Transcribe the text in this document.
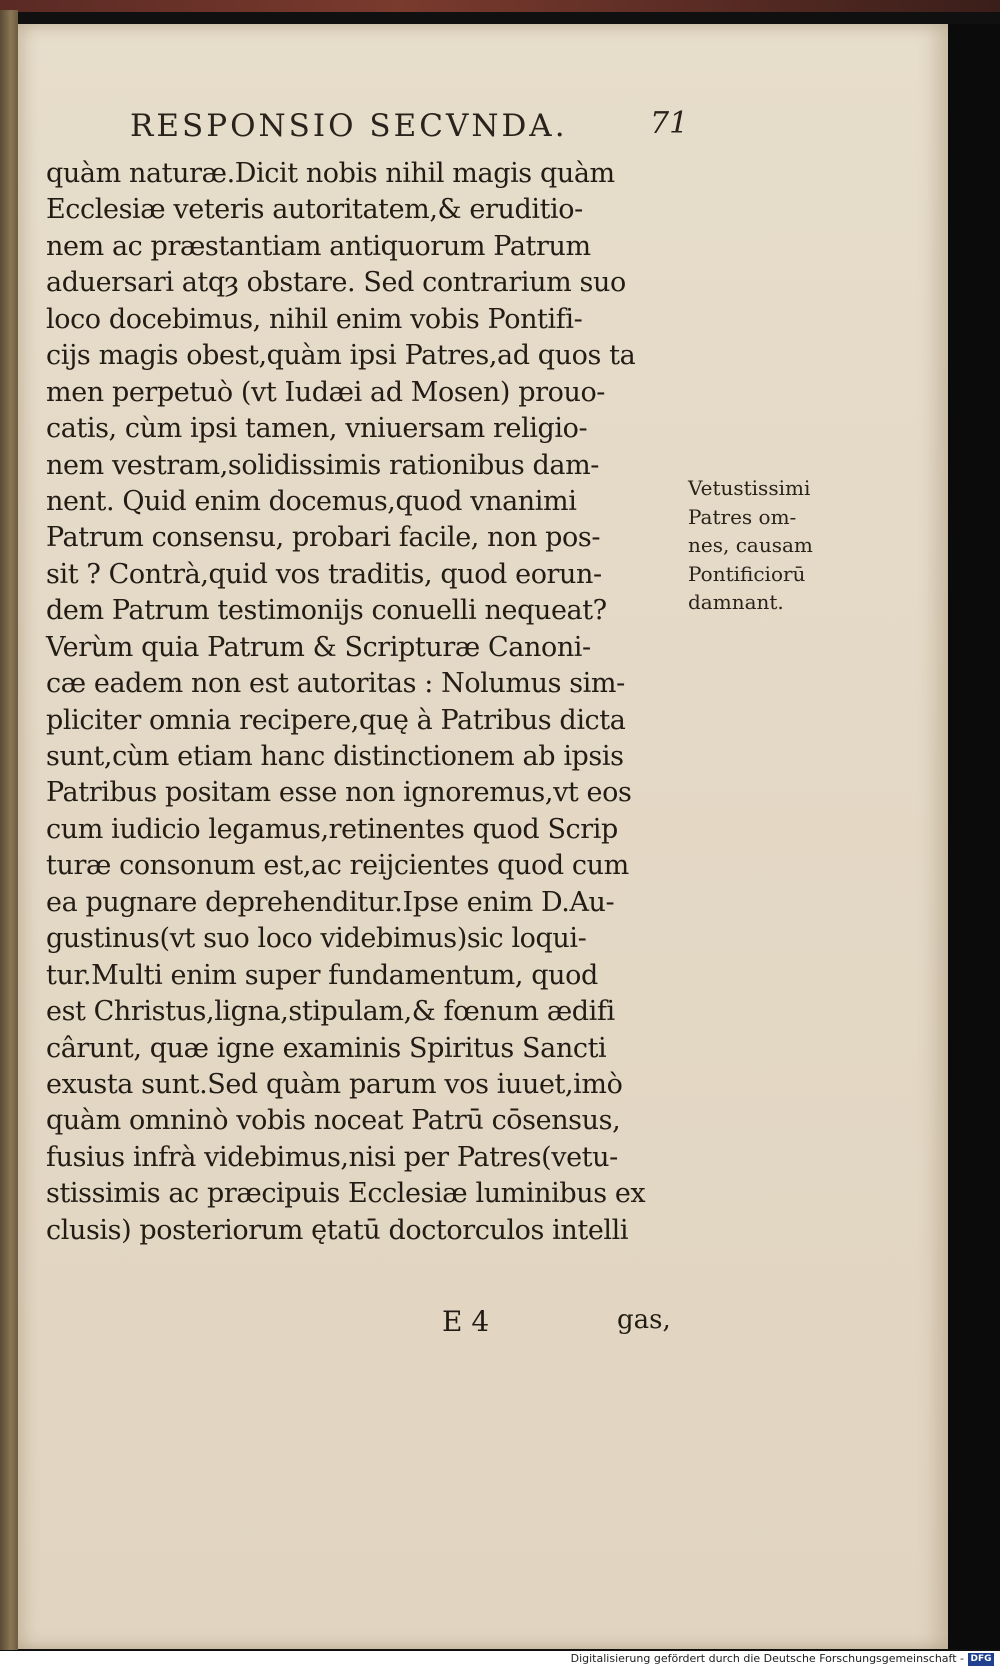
RESPONSIO SECVNDA.	71
quàm naturæ.Dicit nobis nihil magis quàm
Ecclesiæ veteris autoritatem,& eruditio-
nem ac præstantiam antiquorum Patrum
aduersari atqȝ obstare. Sed contrarium suo
loco docebimus, nihil enim vobis Pontifi-
cijs magis obest,quàm ipsi Patres,ad quos ta
men perpetuò (vt Iudæi ad Mosen) prouo-
catis, cùm ipsi tamen, vniuersam religio-
nem vestram,solidissimis rationibus dam-
nent. Quid enim docemus,quod vnanimi
Patrum consensu, probari facile, non pos-
sit ? Contrà,quid vos traditis, quod eorun-
dem Patrum testimonijs conuelli nequeat?
Verùm quia Patrum & Scripturæ Canoni-
cæ eadem non est autoritas : Nolumus sim-
pliciter omnia recipere,quę à Patribus dicta
sunt,cùm etiam hanc distinctionem ab ipsis
Patribus positam esse non ignoremus,vt eos
cum iudicio legamus,retinentes quod Scrip
turæ consonum est,ac reijcientes quod cum
ea pugnare deprehenditur.Ipse enim D.Au-
gustinus(vt suo loco videbimus)sic loqui-
tur.Multi enim super fundamentum, quod
est Christus,ligna,stipulam,& fœnum ædifi
cârunt, quæ igne examinis Spiritus Sancti
exusta sunt.Sed quàm parum vos iuuet,imò
quàm omninò vobis noceat Patrū cōsensus,
fusius infrà videbimus,nisi per Patres(vetu-
stissimis ac præcipuis Ecclesiæ luminibus ex
clusis) posteriorum ętatū doctorculos intelli
Vetustissimi
Patres om-
nes, causam
Pontificiorū
damnant.
E 4	gas,
Digitalisierung gefördert durch die Deutsche Forschungsgemeinschaft - DFG
